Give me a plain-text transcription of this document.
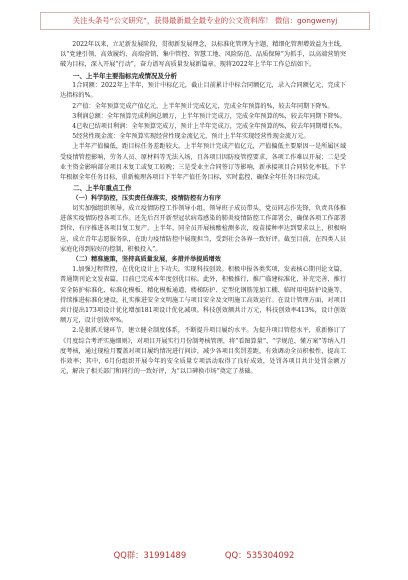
关注头条号“公文研究”，获得最新最全最专业的公文资料库！ 微信：gongwenyj

2022年以来，立足新发展阶段，贯彻新发展理念，以标准化管理为主题，精细化管理增效益为主线，以“党建引领、高效履约、高端营销、集中管控、智慧工地、风险防范、品质保障”为抓手，以高端营销突破为目标，深入开展“行动”，奋力谱写高质量发展新篇章。现将2022年上半年工作总结如下。

一、上半年主要指标完成情况及分析

1合同额：2022年上半年，预计中标亿元，截止目前累计中标合同额亿元，录入合同额亿元，完成下达指标的%。

2产值：全年预算完成产值亿元，上半年预计完成亿元，完成全年预算的%，较去年同期下降%。

3利润总额：全年预算完成利润总额万，上半年预计完成万，完成全年预算的%，较去年同期下降%。

4已收已结项目利润：全年预算完成万，预计上半年完成万，完成全年预算的%，较去年同期增长%。

5经营性现金流：全年预算实现经营性现金流亿元，预计上半年实现经营性现金流万元。

上半年产值偏低，距目标任务差距较大。上半年预计完成产值亿元，产值偏低主要原因一是所属区域受疫情管控影响，劳务人员、原材料等无法入场，且各项目因防疫管控要求，各项工作难以开展；二是受业主资金影响部分项目未复工或复工较晚；三是受业主合同签订等影响，新承接项目合同转化率低。下半年根据全年任务目标，重新梳理各项目下半年产值任务目标，实时监控，确保全年任务目标完成。

二、上半年重点工作

（一）科学防控，压实责任保落实，疫情防控有力有序

切实加强组织领导，成立疫情防控工作领导小组，领导班子成员带头，党员同志作先锋，负责具体推进落实疫情防控各项工作。还先后召开新型冠状病毒感染的肺炎疫情防控工作部署会，确保各项工作部署到位，有序推进各项目复工复产。上半年，同全员开展核酸检测多次，疫苗接种率达到要求以上，积极响应，成立青年志愿服务队，在助力疫情防控中展现担当，受到社会各界一致好评。截至目前，在四类人员家庭化得到较好的控制，积极投入”。

（二）精准施策，坚持高质量发展，多措并举提质增效

1.加强过程管控，在优化设计上下功夫，实现科技创效。积极申报各类奖项，发表核心期刊论文篇，普通期刊论文发表篇，目前已完成本年度创优目标。此外，积极推行，推广临建标准化，补充完善，推行安全防护标准化、标准化模板、精化模板通道、楼梯防护、定型化钢筋笼加工棚、临时用电防护设施等，持续推进标准化建设，扎实推进安全文明施工与项目安全及文明施工高效运行。在设计管理方面，对项目共计提出173项设计优化增加181项设计优化减项。科技创效额共计万元，科技创效率413%，设计创效额万元，设计创效率%。

2.是狠抓关键环节，建立健全制度体系，不断提升项目履约水平。为提升项目管控水平，重新修订了《月度综合考评实施细则》，对项目开展实行月份制考核管理，将“看图算量”、“学规范、懂方案”等纳入月度考核，通过现检月覆盖对项目履约情况进行问诊，减少各项目奖罚差距，有效调动全员积极性，提高工作效率；其中，6月份组织开展今年的安全质量专项活动取得了良好成效，处罚各项目共计处罚金额万元，解决了相关部门和同行的一致好评，为“以口碑换市场”奠定了基础。

QQ群：31991489	QQ：535304092
